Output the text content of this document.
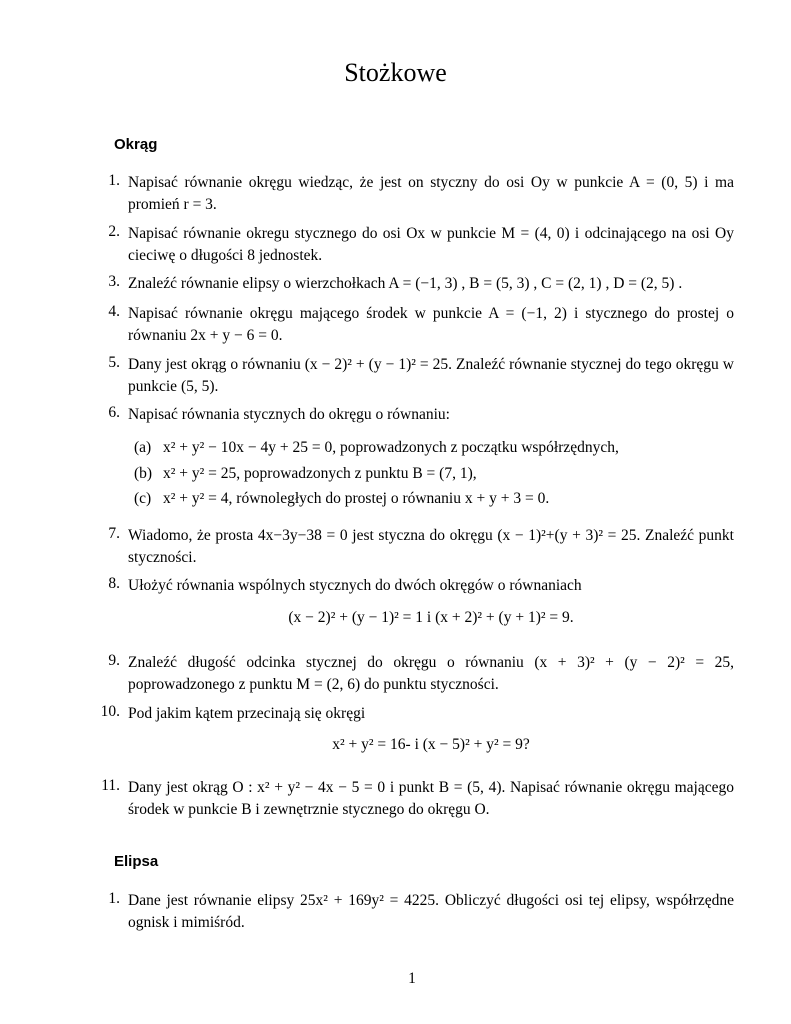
Stożkowe
Okrąg
1. Napisać równanie okręgu wiedząc, że jest on styczny do osi Oy w punkcie A = (0, 5) i ma promień r = 3.
2. Napisać równanie okregu stycznego do osi Ox w punkcie M = (4, 0) i odcinającego na osi Oy cieciwę o długości 8 jednostek.
3. Znaleźć równanie elipsy o wierzchołkach A = (−1, 3) , B = (5, 3) , C = (2, 1) , D = (2, 5) .
4. Napisać równanie okręgu mającego środek w punkcie A = (−1, 2) i stycznego do prostej o równaniu 2x + y − 6 = 0.
5. Dany jest okrąg o równaniu (x − 2)² + (y − 1)² = 25. Znaleźć równanie stycznej do tego okręgu w punkcie (5, 5).
6. Napisać równania stycznych do okręgu o równaniu:
(a) x² + y² − 10x − 4y + 25 = 0, poprowadzonych z początku współrzędnych,
(b) x² + y² = 25, poprowadzonych z punktu B = (7, 1),
(c) x² + y² = 4, równoległych do prostej o równaniu x + y + 3 = 0.
7. Wiadomo, że prosta 4x−3y−38 = 0 jest styczna do okręgu (x − 1)²+(y + 3)² = 25. Znaleźć punkt styczności.
8. Ułożyć równania wspólnych stycznych do dwóch okręgów o równaniach
(x − 2)² + (y − 1)² = 1 i (x + 2)² + (y + 1)² = 9.
9. Znaleźć długość odcinka stycznej do okręgu o równaniu (x + 3)² + (y − 2)² = 25, poprowadzonego z punktu M = (2, 6) do punktu styczności.
10. Pod jakim kątem przecinają się okręgi
x² + y² = 16- i (x − 5)² + y² = 9?
11. Dany jest okrąg O : x² + y² − 4x − 5 = 0 i punkt B = (5, 4). Napisać równanie okręgu mającego środek w punkcie B i zewnętrznie stycznego do okręgu O.
Elipsa
1. Dane jest równanie elipsy 25x² + 169y² = 4225. Obliczyć długości osi tej elipsy, współrzędne ognisk i mimiśród.
1
